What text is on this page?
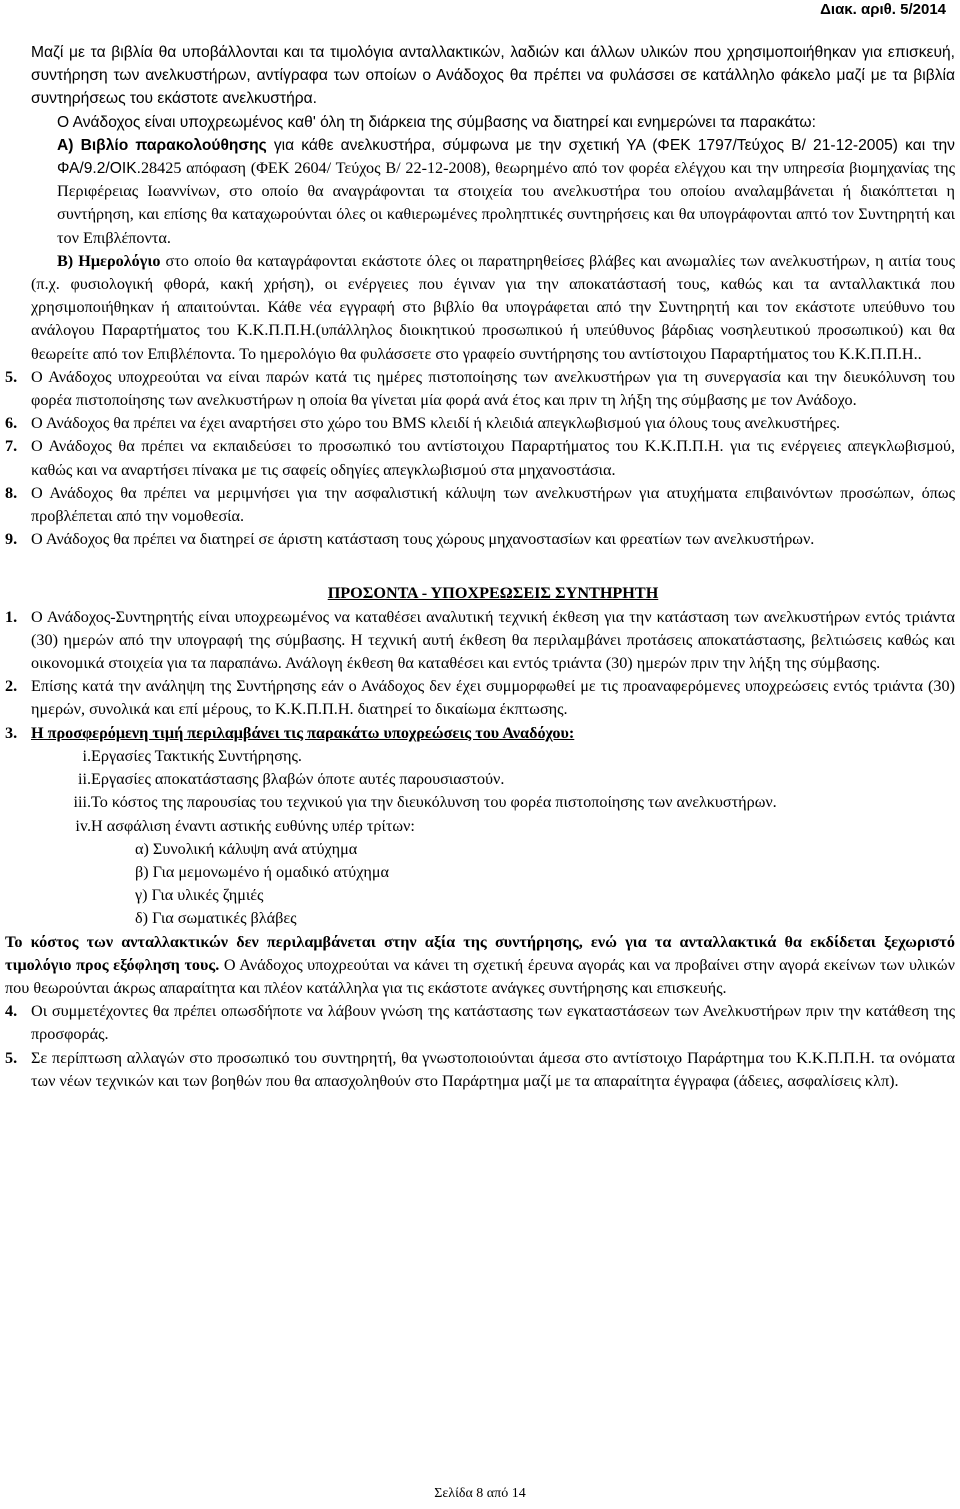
Διακ. αριθ. 5/2014

Μαζί με τα βιβλία θα υποβάλλονται και τα τιμολόγια ανταλλακτικών, λαδιών και άλλων υλικών που χρησιμοποιήθηκαν για επισκευή, συντήρηση των ανελκυστήρων, αντίγραφα των οποίων ο Ανάδοχος θα πρέπει να φυλάσσει σε κατάλληλο φάκελο μαζί με τα βιβλία συντηρήσεως του εκάστοτε ανελκυστήρα.

Ο Ανάδοχος είναι υποχρεωμένος καθ' όλη τη διάρκεια της σύμβασης να διατηρεί και ενημερώνει τα παρακάτω:

Α) Βιβλίο παρακολούθησης για κάθε ανελκυστήρα, σύμφωνα με την σχετική ΥΑ (ΦΕΚ 1797/Τεύχος Β/ 21-12-2005) και την ΦΑ/9.2/ΟΙΚ.28425 απόφαση (ΦΕΚ 2604/ Τεύχος Β/ 22-12-2008), θεωρημένο από τον φορέα ελέγχου και την υπηρεσία βιομηχανίας της Περιφέρειας Ιωαννίνων, στο οποίο θα αναγράφονται τα στοιχεία του ανελκυστήρα του οποίου αναλαμβάνεται ή διακόπτεται η συντήρηση, και επίσης θα καταχωρούνται όλες οι καθιερωμένες προληπτικές συντηρήσεις και θα υπογράφονται απτό τον Συντηρητή και τον Επιβλέποντα.

Β) Ημερολόγιο στο οποίο θα καταγράφονται εκάστοτε όλες οι παρατηρηθείσες βλάβες και ανωμαλίες των ανελκυστήρων, η αιτία τους (π.χ. φυσιολογική φθορά, κακή χρήση), οι ενέργειες που έγιναν για την αποκατάστασή τους, καθώς και τα ανταλλακτικά που χρησιμοποιήθηκαν ή απαιτούνται. Κάθε νέα εγγραφή στο βιβλίο θα υπογράφεται από την Συντηρητή και τον εκάστοτε υπεύθυνο του ανάλογου Παραρτήματος του Κ.Κ.Π.Π.Η.(υπάλληλος διοικητικού προσωπικού ή υπεύθυνος βάρδιας νοσηλευτικού προσωπικού) και θα θεωρείτε από τον Επιβλέποντα. Το ημερολόγιο θα φυλάσσετε στο γραφείο συντήρησης του αντίστοιχου Παραρτήματος του Κ.Κ.Π.Π.Η..

5. Ο Ανάδοχος υποχρεούται να είναι παρών κατά τις ημέρες πιστοποίησης των ανελκυστήρων για τη συνεργασία και την διευκόλυνση του φορέα πιστοποίησης των ανελκυστήρων η οποία θα γίνεται μία φορά ανά έτος και πριν τη λήξη της σύμβασης με τον Ανάδοχο.
6. Ο Ανάδοχος θα πρέπει να έχει αναρτήσει στο χώρο του BMS κλειδί ή κλειδιά απεγκλωβισμού για όλους τους ανελκυστήρες.
7. Ο Ανάδοχος θα πρέπει να εκπαιδεύσει το προσωπικό του αντίστοιχου Παραρτήματος του Κ.Κ.Π.Π.Η. για τις ενέργειες απεγκλωβισμού, καθώς και να αναρτήσει πίνακα με τις σαφείς οδηγίες απεγκλωβισμού στα μηχανοστάσια.
8. Ο Ανάδοχος θα πρέπει να μεριμνήσει για την ασφαλιστική κάλυψη των ανελκυστήρων για ατυχήματα επιβαινόντων προσώπων, όπως προβλέπεται από την νομοθεσία.
9. Ο Ανάδοχος θα πρέπει να διατηρεί σε άριστη κατάσταση τους χώρους μηχανοστασίων και φρεατίων των ανελκυστήρων.

ΠΡΟΣΟΝΤΑ - ΥΠΟΧΡΕΩΣΕΙΣ ΣΥΝΤΗΡΗΤΗ

1. Ο Ανάδοχος-Συντηρητής είναι υποχρεωμένος να καταθέσει αναλυτική τεχνική έκθεση για την κατάσταση των ανελκυστήρων εντός τριάντα (30) ημερών από την υπογραφή της σύμβασης. Η τεχνική αυτή έκθεση θα περιλαμβάνει προτάσεις αποκατάστασης, βελτιώσεις καθώς και οικονομικά στοιχεία για τα παραπάνω. Ανάλογη έκθεση θα καταθέσει και εντός τριάντα (30) ημερών πριν την λήξη της σύμβασης.
2. Επίσης κατά την ανάληψη της Συντήρησης εάν ο Ανάδοχος δεν έχει συμμορφωθεί με τις προαναφερόμενες υποχρεώσεις εντός τριάντα (30) ημερών, συνολικά και επί μέρους, το Κ.Κ.Π.Π.Η. διατηρεί το δικαίωμα έκπτωσης.
3. Η προσφερόμενη τιμή περιλαμβάνει τις παρακάτω υποχρεώσεις του Αναδόχου:
i. Εργασίες Τακτικής Συντήρησης.
ii. Εργασίες αποκατάστασης βλαβών όποτε αυτές παρουσιαστούν.
iii. Το κόστος της παρουσίας του τεχνικού για την διευκόλυνση του φορέα πιστοποίησης των ανελκυστήρων.
iv. Η ασφάλιση έναντι αστικής ευθύνης υπέρ τρίτων:
α) Συνολική κάλυψη ανά ατύχημα
β) Για μεμονωμένο ή ομαδικό ατύχημα
γ) Για υλικές ζημιές
δ) Για σωματικές βλάβες

Το κόστος των ανταλλακτικών δεν περιλαμβάνεται στην αξία της συντήρησης, ενώ για τα ανταλλακτικά θα εκδίδεται ξεχωριστό τιμολόγιο προς εξόφληση τους. Ο Ανάδοχος υποχρεούται να κάνει τη σχετική έρευνα αγοράς και να προβαίνει στην αγορά εκείνων των υλικών που θεωρούνται άκρως απαραίτητα και πλέον κατάλληλα για τις εκάστοτε ανάγκες συντήρησης και επισκευής.

4. Οι συμμετέχοντες θα πρέπει οπωσδήποτε να λάβουν γνώση της κατάστασης των εγκαταστάσεων των Ανελκυστήρων πριν την κατάθεση της προσφοράς.
5. Σε περίπτωση αλλαγών στο προσωπικό του συντηρητή, θα γνωστοποιούνται άμεσα στο αντίστοιχο Παράρτημα του Κ.Κ.Π.Π.Η. τα ονόματα των νέων τεχνικών και των βοηθών που θα απασχοληθούν στο Παράρτημα μαζί με τα απαραίτητα έγγραφα (άδειες, ασφαλίσεις κλπ).
Σελίδα 8 από 14
